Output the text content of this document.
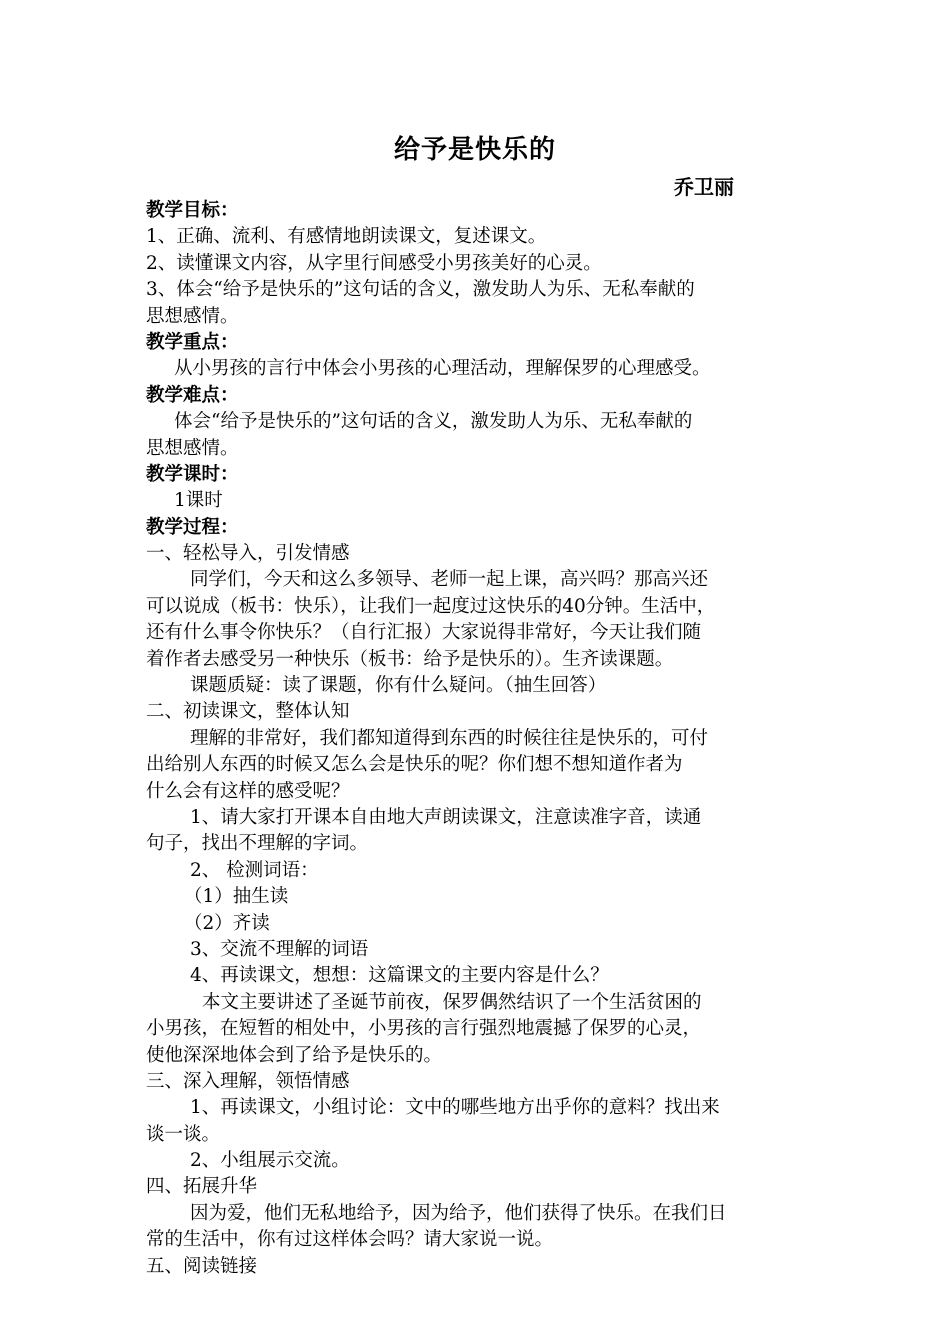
给予是快乐的
乔卫丽
教学目标：
1、正确、流利、有感情地朗读课文，复述课文。
2、读懂课文内容，从字里行间感受小男孩美好的心灵。
3、体会“给予是快乐的”这句话的含义，激发助人为乐、无私奉献的
思想感情。
教学重点：
从小男孩的言行中体会小男孩的心理活动，理解保罗的心理感受。
教学难点：
体会“给予是快乐的”这句话的含义，激发助人为乐、无私奉献的
思想感情。
教学课时：
1课时
教学过程：
一、轻松导入，引发情感
同学们，今天和这么多领导、老师一起上课，高兴吗？那高兴还
可以说成（板书：快乐），让我们一起度过这快乐的40分钟。生活中，
还有什么事令你快乐？（自行汇报）大家说得非常好，今天让我们随
着作者去感受另一种快乐（板书：给予是快乐的）。生齐读课题。
课题质疑：读了课题，你有什么疑问。（抽生回答）
二、初读课文，整体认知
理解的非常好，我们都知道得到东西的时候往往是快乐的，可付
出给别人东西的时候又怎么会是快乐的呢？你们想不想知道作者为
什么会有这样的感受呢？
1、请大家打开课本自由地大声朗读课文，注意读准字音，读通
句子，找出不理解的字词。
2、 检测词语：
（1）抽生读
（2）齐读
3、交流不理解的词语
4、再读课文，想想：这篇课文的主要内容是什么？
本文主要讲述了圣诞节前夜，保罗偶然结识了一个生活贫困的
小男孩，在短暂的相处中，小男孩的言行强烈地震撼了保罗的心灵，
使他深深地体会到了给予是快乐的。
三、深入理解，领悟情感
1、再读课文，小组讨论：文中的哪些地方出乎你的意料？找出来
谈一谈。
2、小组展示交流。
四、拓展升华
因为爱，他们无私地给予，因为给予，他们获得了快乐。在我们日
常的生活中，你有过这样体会吗？请大家说一说。
五、阅读链接
